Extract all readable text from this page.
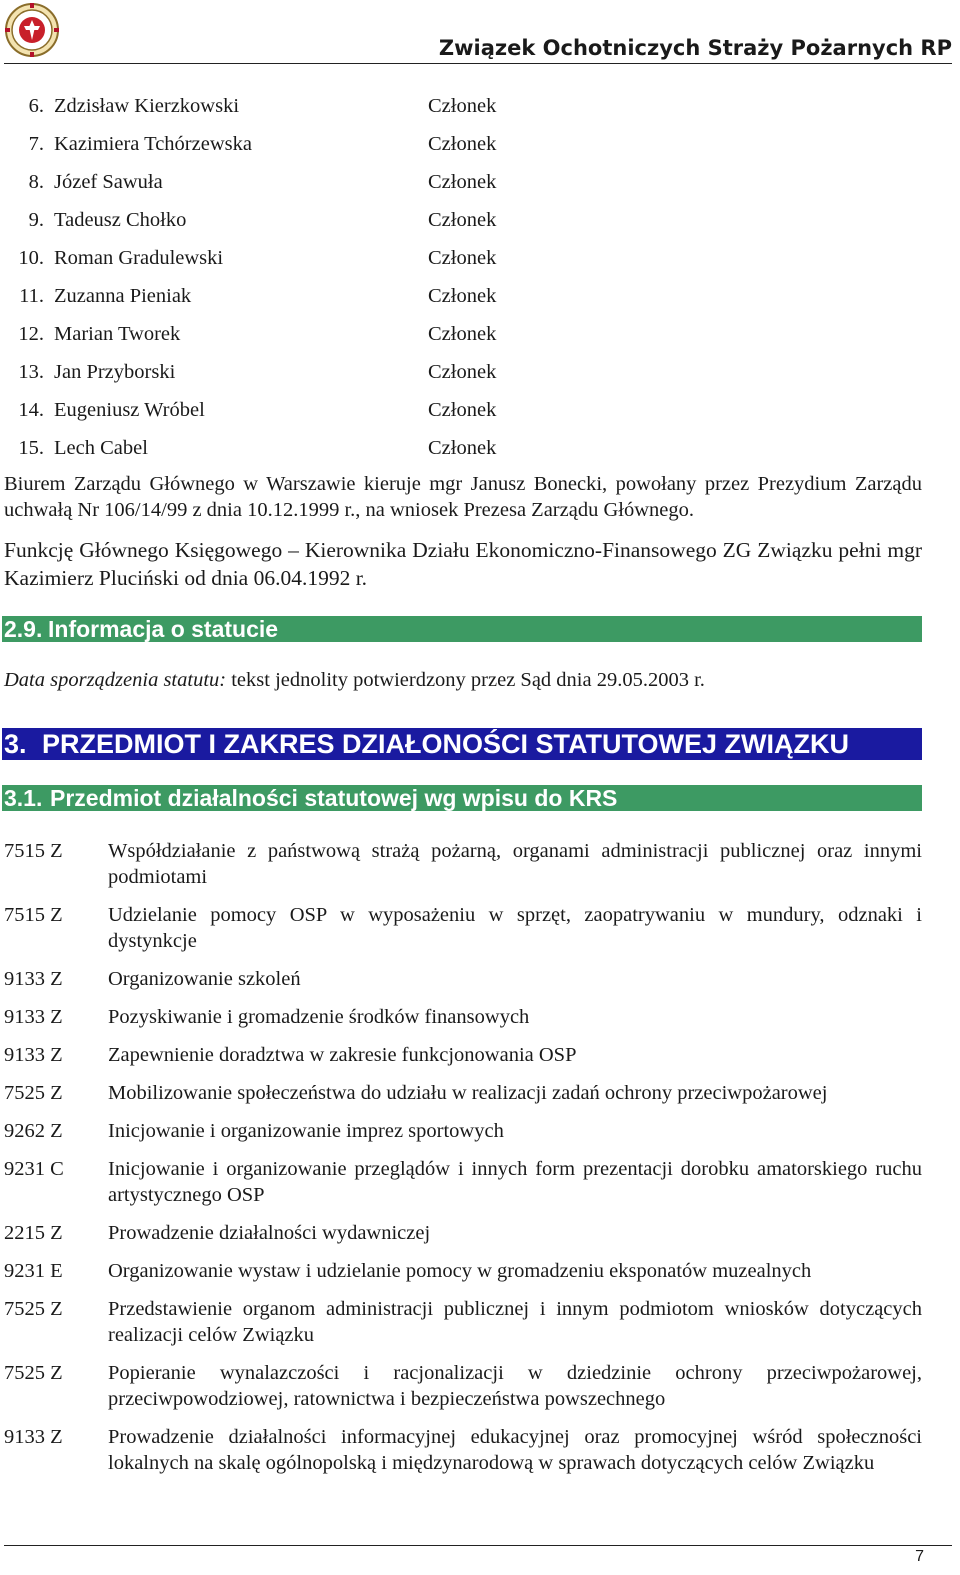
Związek Ochotniczych Straży Pożarnych RP
6. Zdzisław Kierzkowski	Członek
7. Kazimiera Tchórzewska	Członek
8. Józef Sawuła	Członek
9. Tadeusz Chołko	Członek
10. Roman Gradulewski	Członek
11. Zuzanna Pieniak	Członek
12. Marian Tworek	Członek
13. Jan Przyborski	Członek
14. Eugeniusz Wróbel	Członek
15. Lech Cabel	Członek
Biurem Zarządu Głównego w Warszawie kieruje mgr Janusz Bonecki, powołany przez Prezydium Zarządu uchwałą Nr 106/14/99 z dnia 10.12.1999 r., na wniosek Prezesa Zarządu Głównego.
Funkcję Głównego Księgowego – Kierownika Działu Ekonomiczno-Finansowego ZG Związku pełni mgr Kazimierz Pluciński od dnia 06.04.1992 r.
2.9. Informacja o statucie
Data sporządzenia statutu: tekst jednolity potwierdzony przez Sąd dnia 29.05.2003 r.
3. PRZEDMIOT I ZAKRES DZIAŁONOŚCI STATUTOWEJ ZWIĄZKU
3.1. Przedmiot działalności statutowej wg wpisu do KRS
7515 Z Współdziałanie z państwową strażą pożarną, organami administracji publicznej oraz innymi podmiotami
7515 Z Udzielanie pomocy OSP w wyposażeniu w sprzęt, zaopatrywaniu w mundury, odznaki i dystynkcje
9133 Z Organizowanie szkoleń
9133 Z Pozyskiwanie i gromadzenie środków finansowych
9133 Z Zapewnienie doradztwa w zakresie funkcjonowania OSP
7525 Z Mobilizowanie społeczeństwa do udziału w realizacji zadań ochrony przeciwpożarowej
9262 Z Inicjowanie i organizowanie imprez sportowych
9231 C Inicjowanie i organizowanie przeglądów i innych form prezentacji dorobku amatorskiego ruchu artystycznego OSP
2215 Z Prowadzenie działalności wydawniczej
9231 E Organizowanie wystaw i udzielanie pomocy w gromadzeniu eksponatów muzealnych
7525 Z Przedstawienie organom administracji publicznej i innym podmiotom wniosków dotyczących realizacji celów Związku
7525 Z Popieranie wynalazczości i racjonalizacji w dziedzinie ochrony przeciwpożarowej, przeciwpowodziowej, ratownictwa i bezpieczeństwa powszechnego
9133 Z Prowadzenie działalności informacyjnej edukacyjnej oraz promocyjnej wśród społeczności lokalnych na skalę ogólnopolską i międzynarodową w sprawach dotyczących celów Związku
7
